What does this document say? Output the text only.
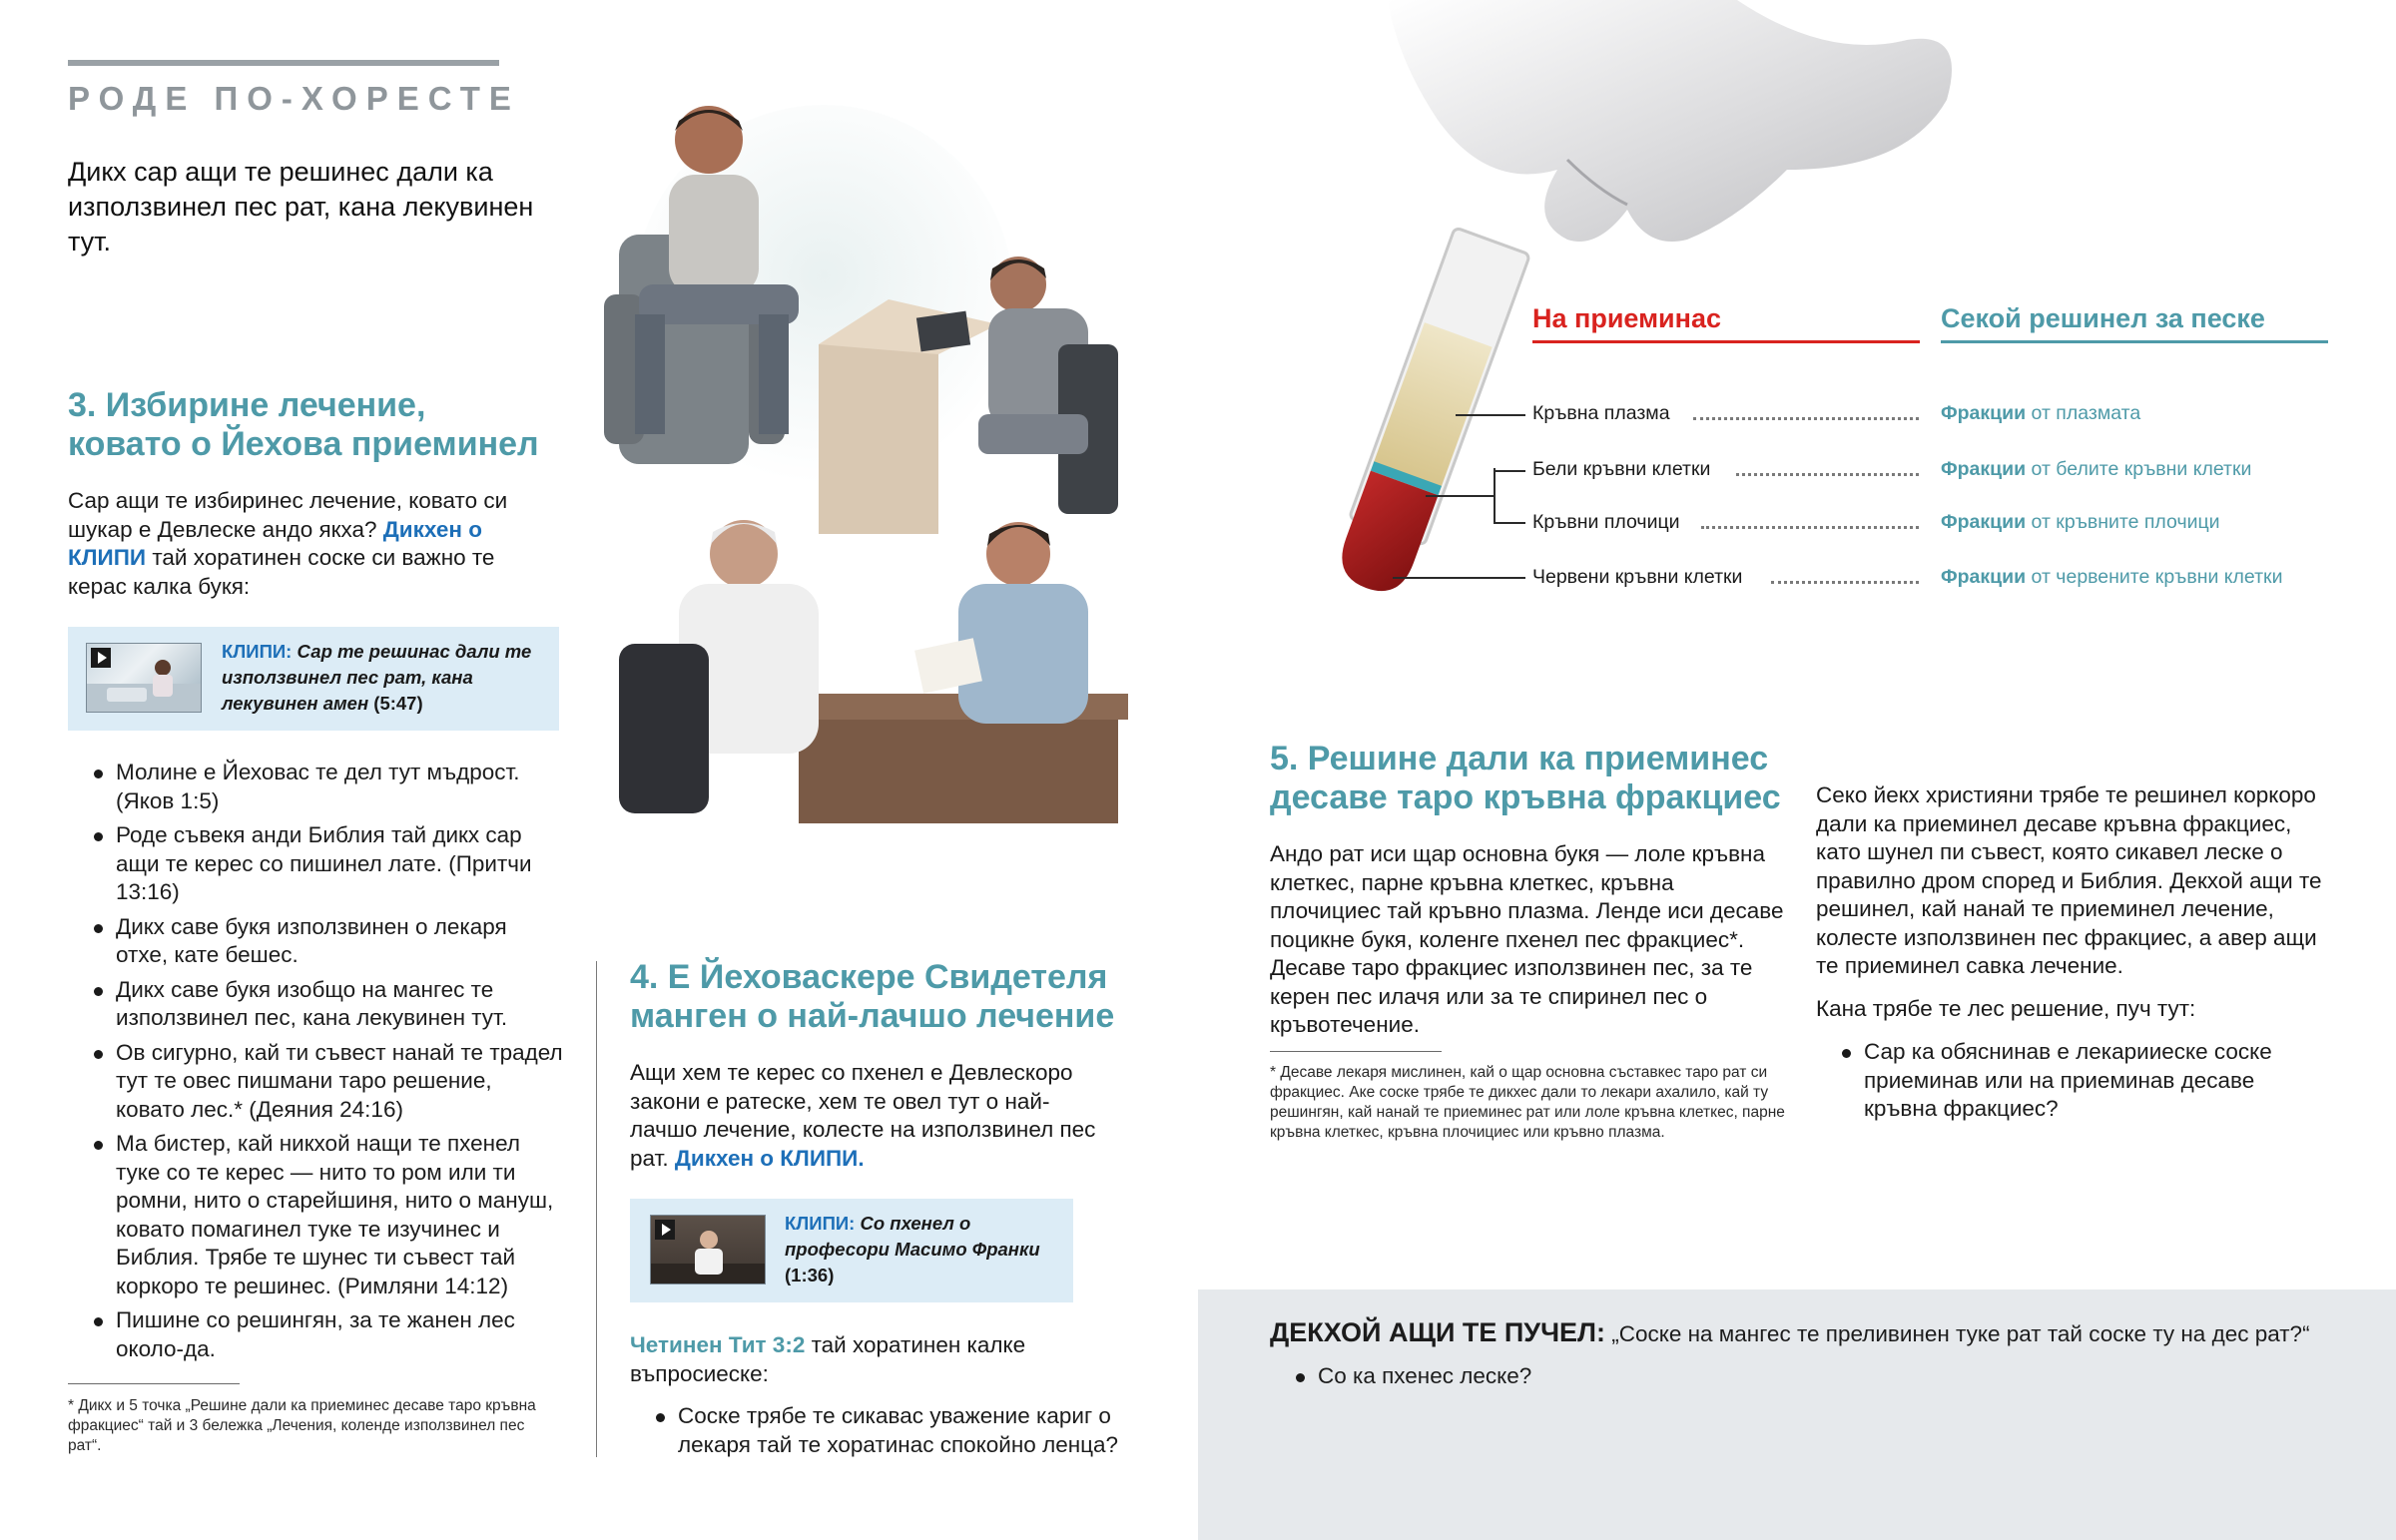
РОДЕ ПО-ХОРЕСТЕ

Дикх сар ащи те решинес дали ка използвинел пес рат, кана лекувинен тут.

3. Избирине лечение,
ковато о Йехова приеминел

Сар ащи те избиринес лечение, ковато си шукар е Девлеске андо якха? Дикхен о КЛИПИ тай хоратинен соске си важно те керас калка букя:

КЛИПИ: Сар те решинас дали те използвинел пес рат, кана лекувинен амен (5:47)
Молине е Йеховас те дел тут мъдрост. (Яков 1:5)
Роде съвекя анди Библия тай дикх сар ащи те керес со пишинел лате. (Притчи 13:16)
Дикх саве букя използвинен о лекаря отхе, кате бешес.
Дикх саве букя изобщо на мангес те използвинел пес, кана лекувинен тут.
Ов сигурно, кай ти съвест нанай те традел тут те овес пишмани таро решение, ковато лес.* (Деяния 24:16)
Ма бистер, кай никхой нащи те пхенел туке со те керес — нито то ром или ти ромни, нито о старейшиня, нито о мануш, ковато помагинел туке те изучинес и Библия. Трябе те шунес ти съвест тай коркоро те решинес. (Римляни 14:12)
Пишине со решингян, за те жанен лес около-да.

* Дикх и 5 точка „Решине дали ка приеминес десаве таро кръвна фракциес“ тай и 3 бележка „Лечения, коленде използвинел пес рат“.

4. Е Йеховаскере Свидетеля
манген о най-лачшо лечение

Ащи хем те керес со пхенел е Девлескоро закони е ратеске, хем те овел тут о най-лачшо лечение, колесте на използвинел пес рат. Дикхен о КЛИПИ.

КЛИПИ: Со пхенел о професори Масимо Франки
(1:36)

Четинен Тит 3:2 тай хоратинен калке въпросиеске:

Соске трябе те сикавас уважение кариг о лекаря тай те хоратинас спокойно ленца?
На приеминас	Секой решинел за песке
Кръвна плазма	Фракции от плазмата
Бели кръвни клетки	Фракции от белите кръвни клетки
Кръвни плочици	Фракции от кръвните плочици
Червени кръвни клетки	Фракции от червените кръвни клетки
5. Решине дали ка приеминес
десаве таро кръвна фракциес

Андо рат иси щар основна букя — лоле кръвна клеткес, парне кръвна клеткес, кръвна плочициес тай кръвно плазма. Ленде иси десаве поцикне букя, коленге пхенел пес фракциес*. Десаве таро фракциес използвинен пес, за те керен пес илачя или за те спиринел пес о кръвотечение.

* Десаве лекаря мислинен, кай о щар основна съставкес таро рат си фракциес. Аке соске трябе те дикхес дали то лекари ахалило, кай ту решингян, кай нанай те приеминес рат или лоле кръвна клеткес, парне кръвна клеткес, кръвна плочициес или кръвно плазма.

Секо йекх християни трябе те решинел коркоро дали ка приеминел десаве кръвна фракциес, като шунел пи съвест, която сикавел леске о правилно дром според и Библия. Декхой ащи те решинел, кай нанай те приеминел лечение, колесте използвинен пес фракциес, а авер ащи те приеминел савка лечение.

Кана трябе те лес решение, пуч тут:

Сар ка обяснинав е лекарииеске соске приеминав или на приеминав десаве кръвна фракциес?

ДЕКХОЙ АЩИ ТЕ ПУЧЕЛ: „Соске на мангес те преливинен туке рат тай соске ту на дес рат?“

Со ка пхенес леске?
